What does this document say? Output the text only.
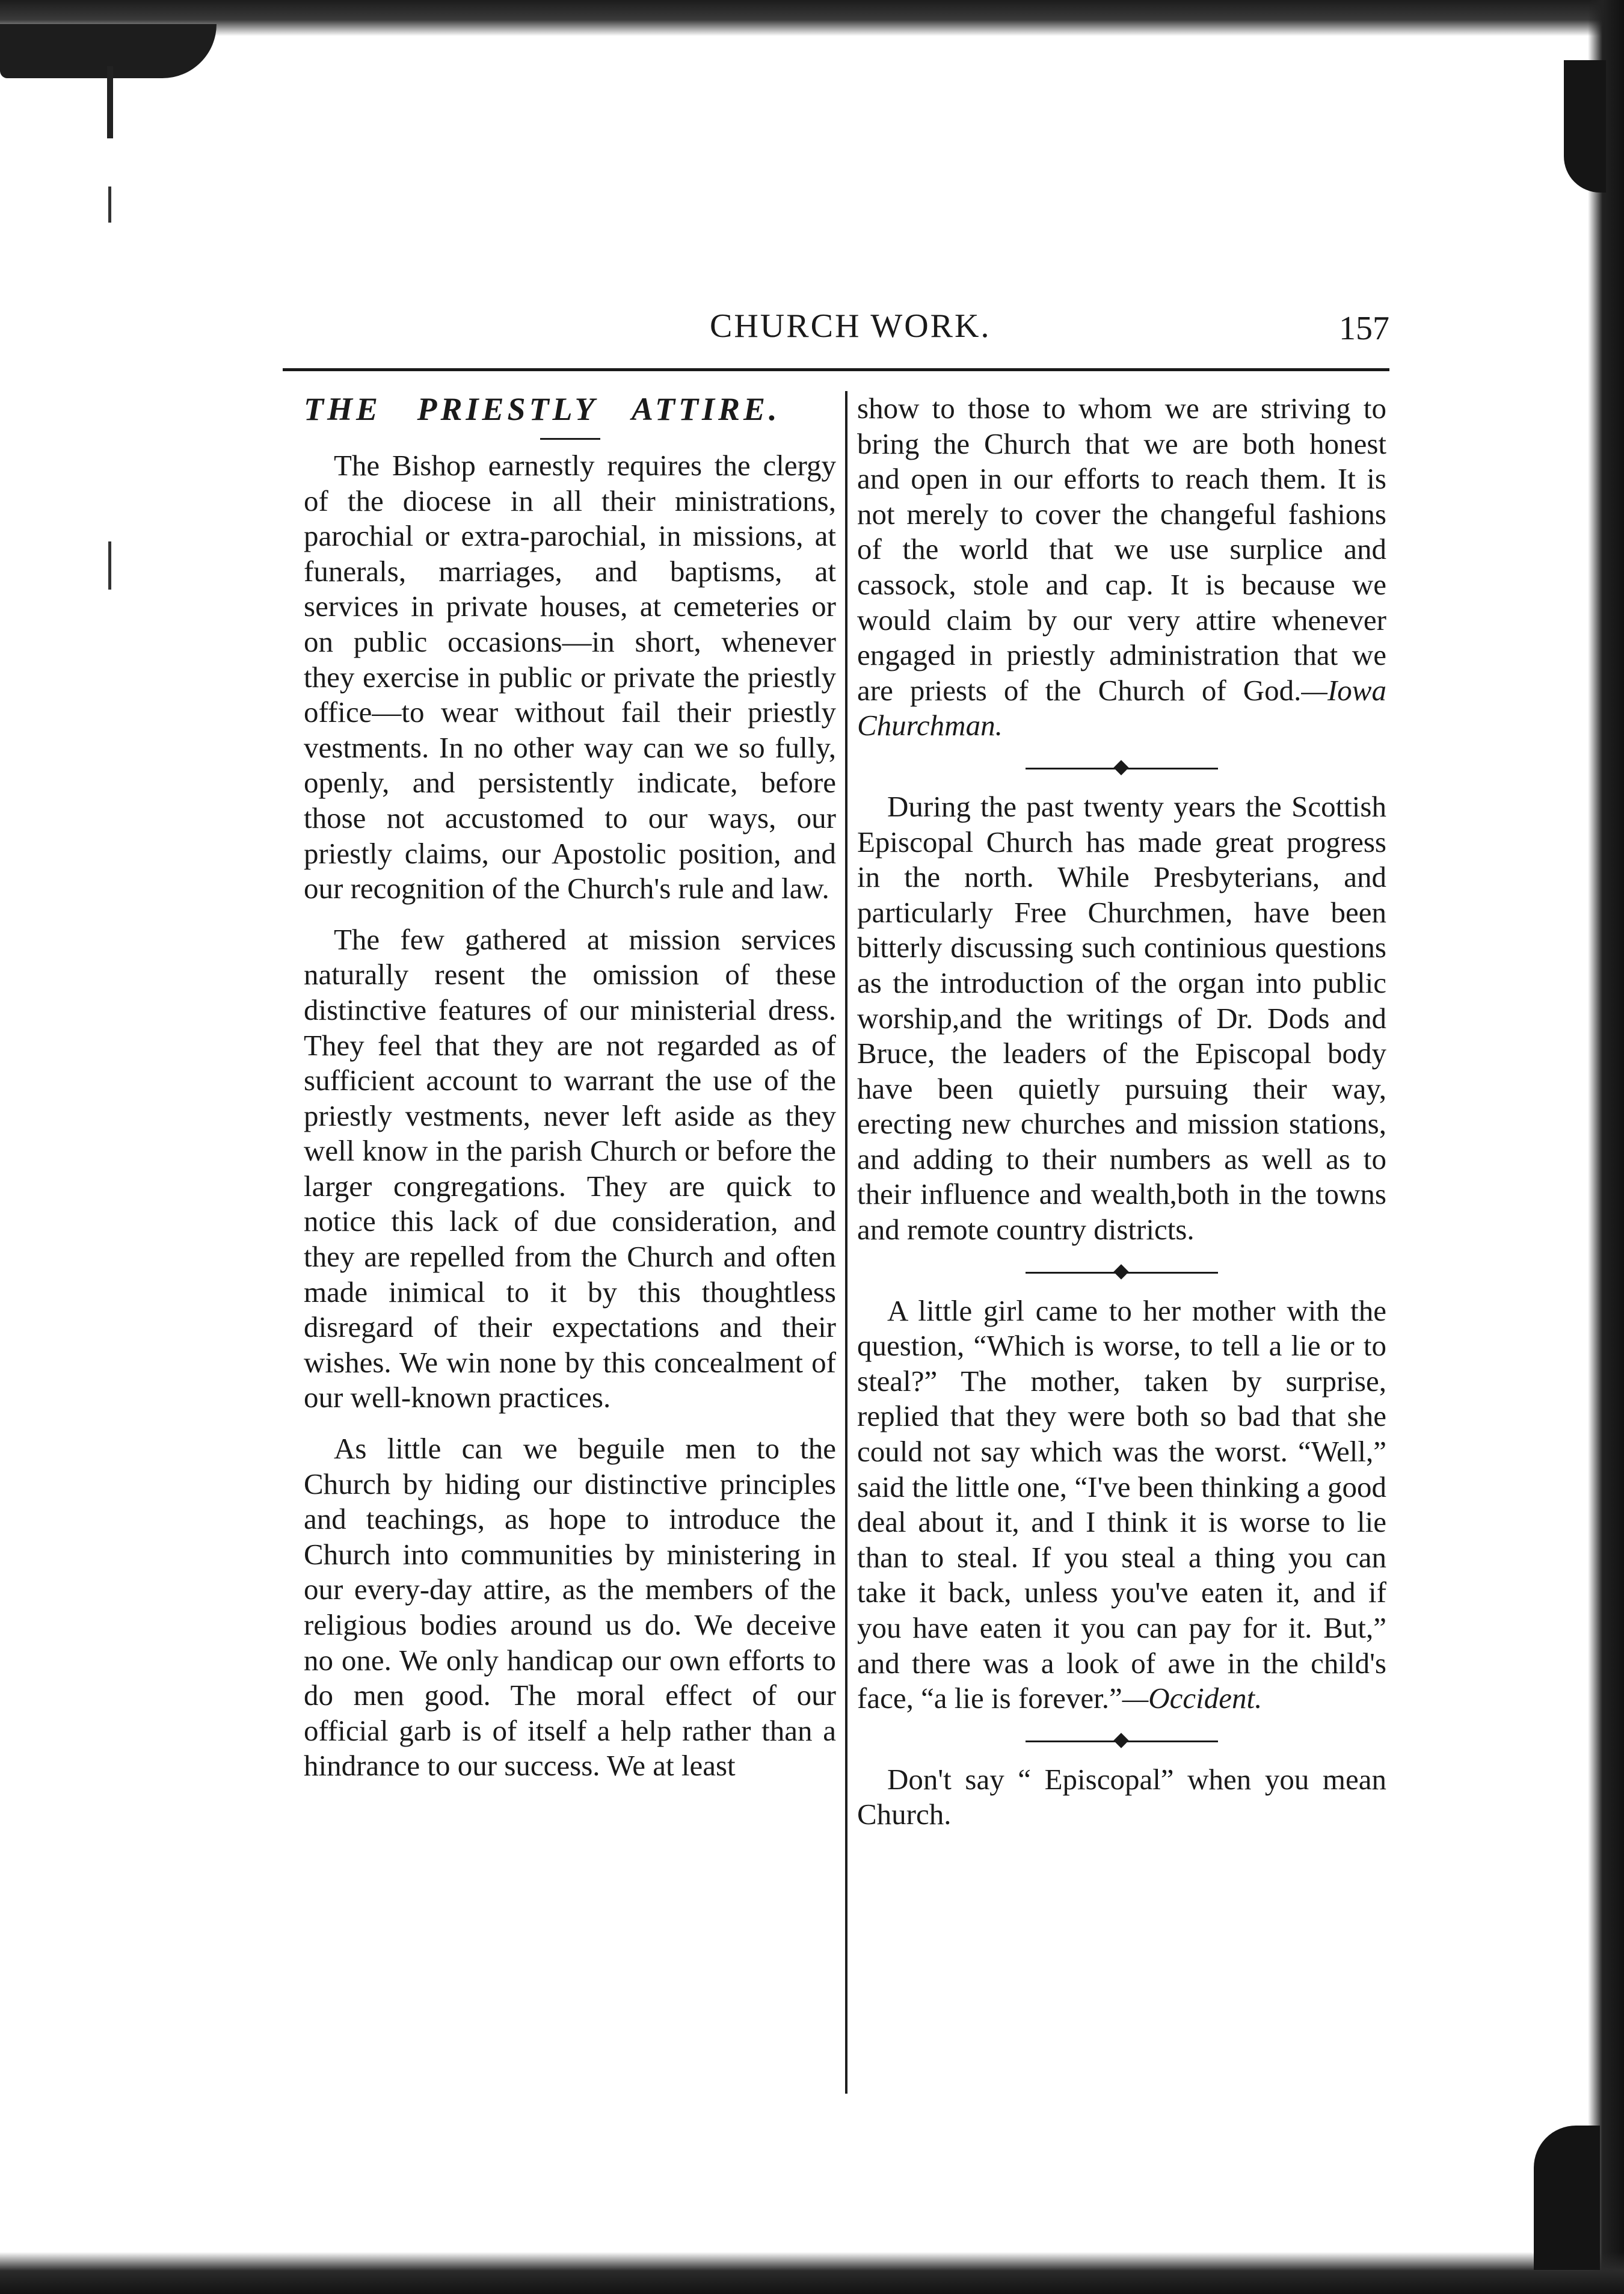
CHURCH WORK.	157
THE PRIESTLY ATTIRE.

The Bishop earnestly requires the clergy of the diocese in all their ministrations, parochial or extra-parochial, in missions, at funerals, marriages, and baptisms, at services in private houses, at cemeteries or on public occasions—in short, whenever they exercise in public or private the priestly office—to wear without fail their priestly vestments. In no other way can we so fully, openly, and persistently indicate, before those not accustomed to our ways, our priestly claims, our Apostolic position, and our recognition of the Church's rule and law.

The few gathered at mission services naturally resent the omission of these distinctive features of our ministerial dress. They feel that they are not regarded as of sufficient account to warrant the use of the priestly vestments, never left aside as they well know in the parish Church or before the larger congregations. They are quick to notice this lack of due consideration, and they are repelled from the Church and often made inimical to it by this thoughtless disregard of their expectations and their wishes. We win none by this concealment of our well-known practices.

As little can we beguile men to the Church by hiding our distinctive principles and teachings, as hope to introduce the Church into communities by ministering in our every-day attire, as the members of the religious bodies around us do. We deceive no one. We only handicap our own efforts to do men good. The moral effect of our official garb is of itself a help rather than a hindrance to our success. We at least

show to those to whom we are striving to bring the Church that we are both honest and open in our efforts to reach them. It is not merely to cover the changeful fashions of the world that we use surplice and cassock, stole and cap. It is because we would claim by our very attire whenever engaged in priestly administration that we are priests of the Church of God.—Iowa Churchman.

During the past twenty years the Scottish Episcopal Church has made great progress in the north. While Presbyterians, and particularly Free Churchmen, have been bitterly discussing such continious questions as the introduction of the organ into public worship,and the writings of Dr. Dods and Bruce, the leaders of the Episcopal body have been quietly pursuing their way, erecting new churches and mission stations, and adding to their numbers as well as to their influence and wealth,both in the towns and remote country districts.

A little girl came to her mother with the question, “Which is worse, to tell a lie or to steal?” The mother, taken by surprise, replied that they were both so bad that she could not say which was the worst. “Well,” said the little one, “I've been thinking a good deal about it, and I think it is worse to lie than to steal. If you steal a thing you can take it back, unless you've eaten it, and if you have eaten it you can pay for it. But,” and there was a look of awe in the child's face, “a lie is forever.”—Occident.

Don't say “ Episcopal” when you mean Church.
